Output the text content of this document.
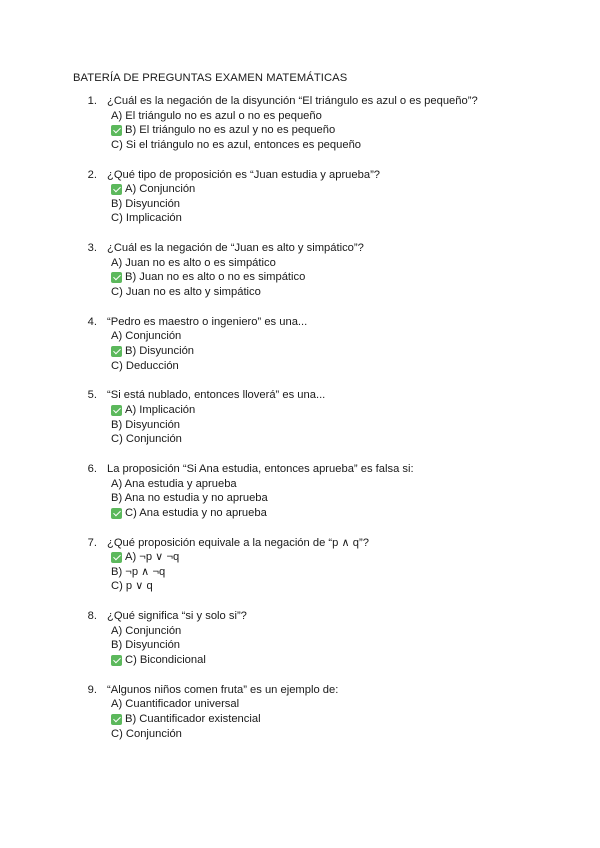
BATERÍA DE PREGUNTAS EXAMEN MATEMÁTICAS
1. ¿Cuál es la negación de la disyunción “El triángulo es azul o es pequeño”?
A) El triángulo no es azul o no es pequeño
B) El triángulo no es azul y no es pequeño
C) Si el triángulo no es azul, entonces es pequeño
2. ¿Qué tipo de proposición es “Juan estudia y aprueba”?
A) Conjunción
B) Disyunción
C) Implicación
3. ¿Cuál es la negación de “Juan es alto y simpático”?
A) Juan no es alto o es simpático
B) Juan no es alto o no es simpático
C) Juan no es alto y simpático
4. “Pedro es maestro o ingeniero” es una...
A) Conjunción
B) Disyunción
C) Deducción
5. “Si está nublado, entonces lloverá” es una...
A) Implicación
B) Disyunción
C) Conjunción
6. La proposición “Si Ana estudia, entonces aprueba” es falsa si:
A) Ana estudia y aprueba
B) Ana no estudia y no aprueba
C) Ana estudia y no aprueba
7. ¿Qué proposición equivale a la negación de “p ∧ q”?
A) ¬p ∨ ¬q
B) ¬p ∧ ¬q
C) p ∨ q
8. ¿Qué significa “si y solo si”?
A) Conjunción
B) Disyunción
C) Bicondicional
9. “Algunos niños comen fruta” es un ejemplo de:
A) Cuantificador universal
B) Cuantificador existencial
C) Conjunción
